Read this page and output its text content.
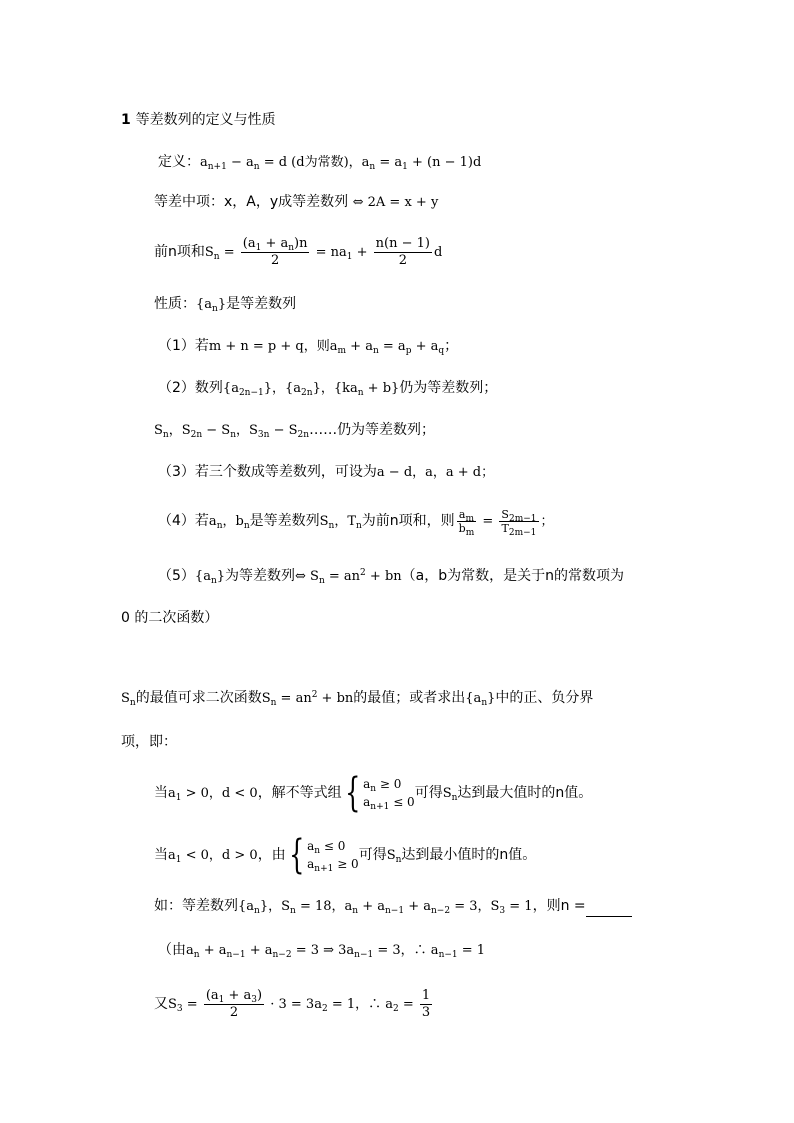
1 等差数列的定义与性质
定义：$a_{n+1} - a_n = d$ (d为常数)，$a_n = a_1 + (n - 1)d$
等差中项：x，A，y成等差数列 ⇔ 2A = x + y
前n项和$S_n = \frac{(a_1 + a_n)n}{2} = na_1 + \frac{n(n - 1)}{2}$ d
性质：$\{a_n\}$是等差数列
（1）若m + n = p + q，则$a_m + a_n = a_p + a_q$；
（2）数列$\{a_{2n-1}\}$，$\{a_{2n}\}$，$\{ka_n + b\}$仍为等差数列；
$S_n$，$S_{2n} - S_n$，$S_{3n}$ − $S_{2n}\dots\dots$仍为等差数列；
（3）若三个数成等差数列，可设为a − d，a，a + d；
（4）若$a_n$，$b_n$是等差数列$S_n$，$T_n$为前n项和，则 $\frac{a_m}{b_m} = \frac{S_{2m-1}}{T_{2m-1}}$ ；
$(5)\{a_n\}$为等差数列⇔ $S_n = an^2 + bn(a$，b为常数，是关于n的常数项为
0 的二次函数）
$S_n$的最值可求二次函数$S_n = an^2$ + bn的最值；或者求出$\{a_n\}$中的正、负分界
项，即：
当$a_1 > 0$，d < 0，解不等式组{ $a_n \ge 0$
$a_{n+1} \le 0$可得$S_n$达到最大值时的n值。
当$a_1 < 0$，d > 0，由{ $a_n \le 0$
$a_{n+1} \ge 0$可得$S_n$达到最小值时的n值。
如：等差数列$\{a_n\}$，$S_n = 18$，$a_n + a_{n-1} + a_{n-2} = 3$，$S_3 = 1$，则n =
（由$a_n + a_{n-1} + a_{n-2} = 3$ ⇒ $3a_{n-1} = 3$，∴ $a_{n-1} = 1$
又$S_3 = \frac{(a_1 + a_3)}{2} \cdot 3 = 3a_2 = 1$，∴ $a_2 = \frac{1}{3}$
